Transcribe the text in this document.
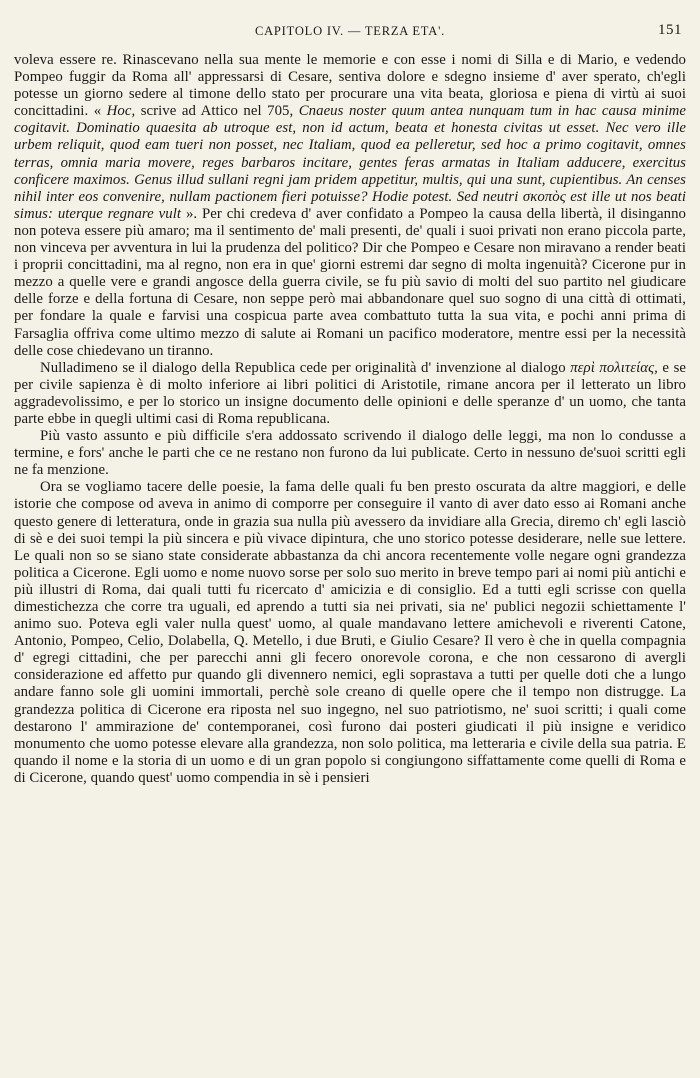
CAPITOLO IV. — TERZA ETA'.	151

voleva essere re. Rinascevano nella sua mente le memorie e con esse i nomi di Silla e di Mario, e vedendo Pompeo fuggir da Roma all' appressarsi di Cesare, sentiva dolore e sdegno insieme d' aver sperato, ch'egli potesse un giorno sedere al timone dello stato per procurare una vita beata, gloriosa e piena di virtù ai suoi concittadini. « Hoc, scrive ad Attico nel 705, Cnaeus noster quum antea nunquam tum in hac causa minime cogitavit. Dominatio quaesita ab utroque est, non id actum, beata et honesta civitas ut esset. Nec vero ille urbem reliquit, quod eam tueri non posset, nec Italiam, quod ea pelleretur, sed hoc a primo cogitavit, omnes terras, omnia maria movere, reges barbaros incitare, gentes feras armatas in Italiam adducere, exercitus conficere maximos. Genus illud sullani regni jam pridem appetitur, multis, qui una sunt, cupientibus. An censes nihil inter eos convenire, nullam pactionem fieri potuisse? Hodie potest. Sed neutri σκοπὸς est ille ut nos beati simus: uterque regnare vult ». Per chi credeva d' aver confidato a Pompeo la causa della libertà, il disinganno non poteva essere più amaro; ma il sentimento de' mali presenti, de' quali i suoi privati non erano piccola parte, non vinceva per avventura in lui la prudenza del politico? Dir che Pompeo e Cesare non miravano a render beati i proprii concittadini, ma al regno, non era in que' giorni estremi dar segno di molta ingenuità? Cicerone pur in mezzo a quelle vere e grandi angosce della guerra civile, se fu più savio di molti del suo partito nel giudicare delle forze e della fortuna di Cesare, non seppe però mai abbandonare quel suo sogno di una città di ottimati, per fondare la quale e farvisi una cospicua parte avea combattuto tutta la sua vita, e pochi anni prima di Farsaglia offriva come ultimo mezzo di salute ai Romani un pacifico moderatore, mentre essi per la necessità delle cose chiedevano un tiranno.

Nulladimeno se il dialogo della Republica cede per originalità d' invenzione al dialogo περὶ πολιτείας, e se per civile sapienza è di molto inferiore ai libri politici di Aristotile, rimane ancora per il letterato un libro aggradevolissimo, e per lo storico un insigne documento delle opinioni e delle speranze d' un uomo, che tanta parte ebbe in quegli ultimi casi di Roma republicana.

Più vasto assunto e più difficile s'era addossato scrivendo il dialogo delle leggi, ma non lo condusse a termine, e fors' anche le parti che ce ne restano non furono da lui publicate. Certo in nessuno de'suoi scritti egli ne fa menzione.

Ora se vogliamo tacere delle poesie, la fama delle quali fu ben presto oscurata da altre maggiori, e delle istorie che compose od aveva in animo di comporre per conseguire il vanto di aver dato esso ai Romani anche questo genere di letteratura, onde in grazia sua nulla più avessero da invidiare alla Grecia, diremo ch' egli lasciò di sè e dei suoi tempi la più sincera e più vivace dipintura, che uno storico potesse desiderare, nelle sue lettere. Le quali non so se siano state considerate abbastanza da chi ancora recentemente volle negare ogni grandezza politica a Cicerone. Egli uomo e nome nuovo sorse per solo suo merito in breve tempo pari ai nomi più antichi e più illustri di Roma, dai quali tutti fu ricercato d' amicizia e di consiglio. Ed a tutti egli scrisse con quella dimestichezza che corre tra uguali, ed aprendo a tutti sia nei privati, sia ne' publici negozii schiettamente l' animo suo. Poteva egli valer nulla quest' uomo, al quale mandavano lettere amichevoli e riverenti Catone, Antonio, Pompeo, Celio, Dolabella, Q. Metello, i due Bruti, e Giulio Cesare? Il vero è che in quella compagnia d' egregi cittadini, che per parecchi anni gli fecero onorevole corona, e che non cessarono di avergli considerazione ed affetto pur quando gli divennero nemici, egli soprastava a tutti per quelle doti che a lungo andare fanno sole gli uomini immortali, perchè sole creano di quelle opere che il tempo non distrugge. La grandezza politica di Cicerone era riposta nel suo ingegno, nel suo patriotismo, ne' suoi scritti; i quali come destarono l' ammirazione de' contemporanei, così furono dai posteri giudicati il più insigne e veridico monumento che uomo potesse elevare alla grandezza, non solo politica, ma letteraria e civile della sua patria. E quando il nome e la storia di un uomo e di un gran popolo si congiungono siffattamente come quelli di Roma e di Cicerone, quando quest' uomo compendia in sè i pensieri
